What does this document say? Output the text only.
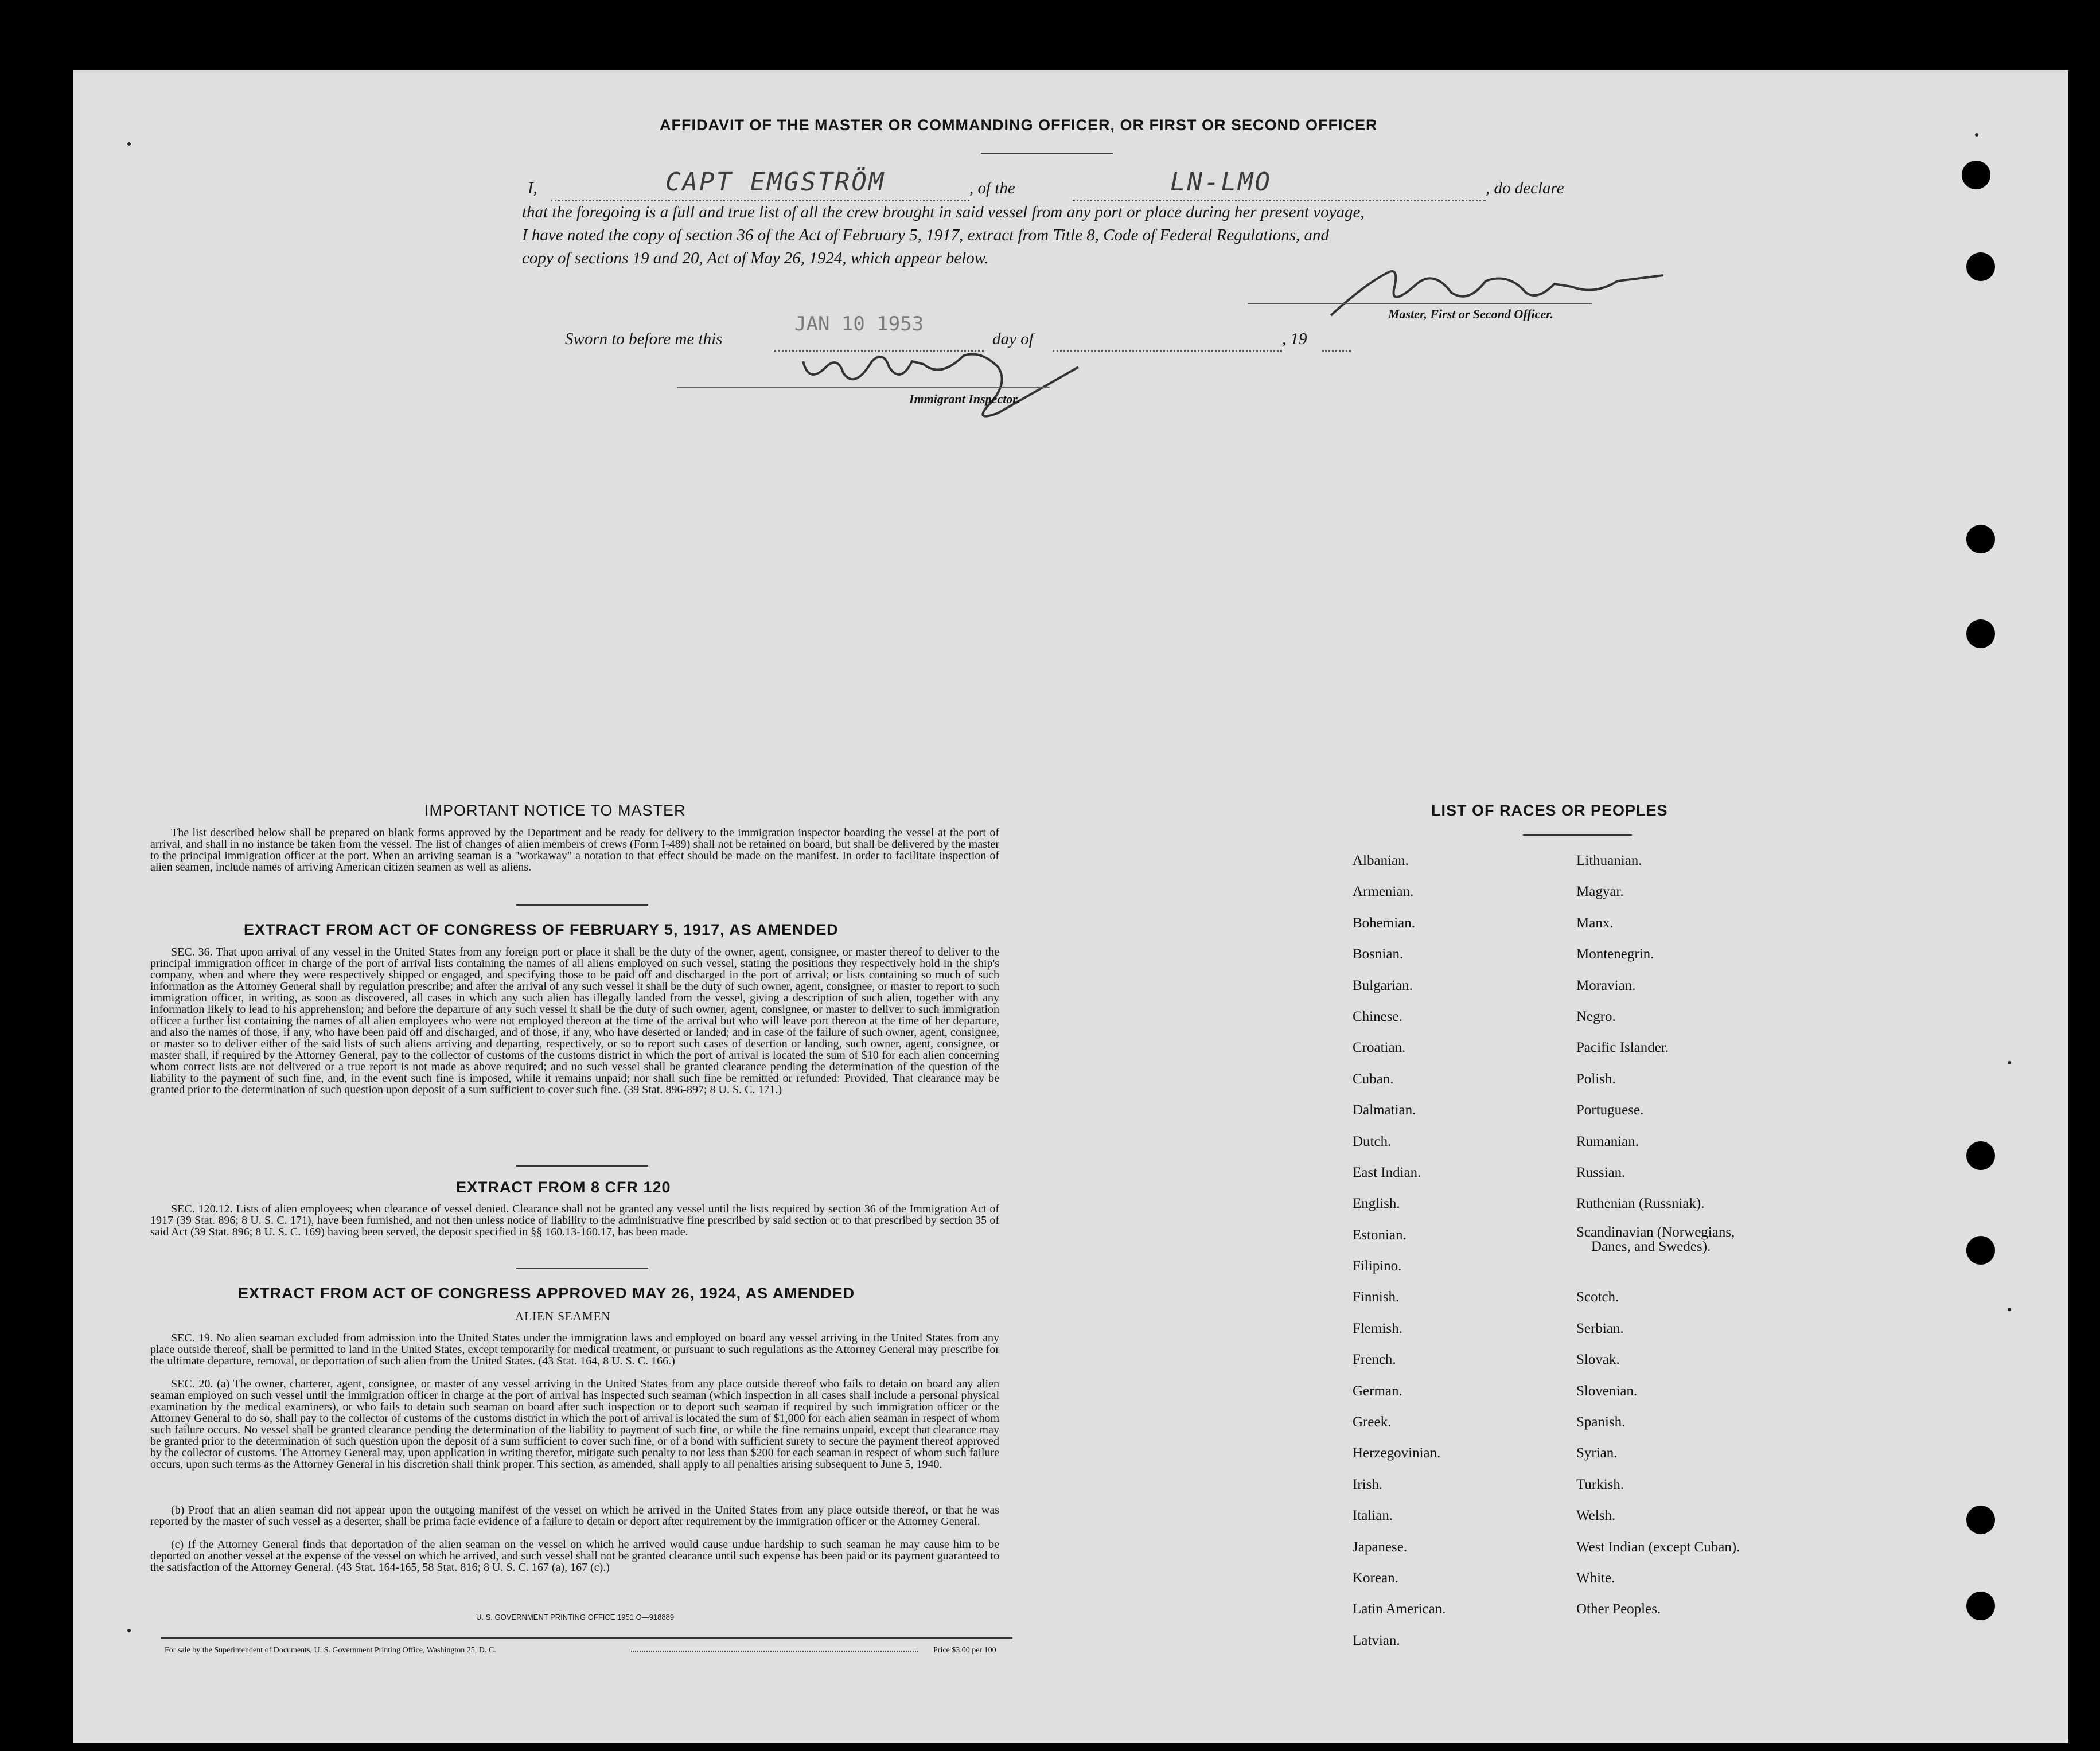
AFFIDAVIT OF THE MASTER OR COMMANDING OFFICER, OR FIRST OR SECOND OFFICER
I,	CAPT EMGSTRÖM	, of the	LN-LMO	, do declare
that the foregoing is a full and true list of all the crew brought in said vessel from any port or place during her present voyage,
I have noted the copy of section 36 of the Act of February 5, 1917, extract from Title 8, Code of Federal Regulations, and
copy of sections 19 and 20, Act of May 26, 1924, which appear below.
Master, First or Second Officer.
Sworn to before me this
JAN 10 1953
day of	, 19
Immigrant Inspector.
IMPORTANT NOTICE TO MASTER
The list described below shall be prepared on blank forms approved by the Department and be ready for delivery to the immigration inspector boarding the vessel at the port of arrival, and shall in no instance be taken from the vessel. The list of changes of alien members of crews (Form I-489) shall not be retained on board, but shall be delivered by the master to the principal immigration officer at the port. When an arriving seaman is a "workaway" a notation to that effect should be made on the manifest. In order to facilitate inspection of alien seamen, include names of arriving American citizen seamen as well as aliens.
EXTRACT FROM ACT OF CONGRESS OF FEBRUARY 5, 1917, AS AMENDED
SEC. 36. That upon arrival of any vessel in the United States from any foreign port or place it shall be the duty of the owner, agent, consignee, or master thereof to deliver to the principal immigration officer in charge of the port of arrival lists containing the names of all aliens employed on such vessel, stating the positions they respectively hold in the ship's company, when and where they were respectively shipped or engaged, and specifying those to be paid off and discharged in the port of arrival; or lists containing so much of such information as the Attorney General shall by regulation prescribe; and after the arrival of any such vessel it shall be the duty of such owner, agent, consignee, or master to report to such immigration officer, in writing, as soon as discovered, all cases in which any such alien has illegally landed from the vessel, giving a description of such alien, together with any information likely to lead to his apprehension; and before the departure of any such vessel it shall be the duty of such owner, agent, consignee, or master to deliver to such immigration officer a further list containing the names of all alien employees who were not employed thereon at the time of the arrival but who will leave port thereon at the time of her departure, and also the names of those, if any, who have been paid off and discharged, and of those, if any, who have deserted or landed; and in case of the failure of such owner, agent, consignee, or master so to deliver either of the said lists of such aliens arriving and departing, respectively, or so to report such cases of desertion or landing, such owner, agent, consignee, or master shall, if required by the Attorney General, pay to the collector of customs of the customs district in which the port of arrival is located the sum of $10 for each alien concerning whom correct lists are not delivered or a true report is not made as above required; and no such vessel shall be granted clearance pending the determination of the question of the liability to the payment of such fine, and, in the event such fine is imposed, while it remains unpaid; nor shall such fine be remitted or refunded: Provided, That clearance may be granted prior to the determination of such question upon deposit of a sum sufficient to cover such fine. (39 Stat. 896-897; 8 U. S. C. 171.)
EXTRACT FROM 8 CFR 120
SEC. 120.12. Lists of alien employees; when clearance of vessel denied. Clearance shall not be granted any vessel until the lists required by section 36 of the Immigration Act of 1917 (39 Stat. 896; 8 U. S. C. 171), have been furnished, and not then unless notice of liability to the administrative fine prescribed by said section or to that prescribed by section 35 of said Act (39 Stat. 896; 8 U. S. C. 169) having been served, the deposit specified in §§ 160.13-160.17, has been made.
EXTRACT FROM ACT OF CONGRESS APPROVED MAY 26, 1924, AS AMENDED
ALIEN SEAMEN
SEC. 19. No alien seaman excluded from admission into the United States under the immigration laws and employed on board any vessel arriving in the United States from any place outside thereof, shall be permitted to land in the United States, except temporarily for medical treatment, or pursuant to such regulations as the Attorney General may prescribe for the ultimate departure, removal, or deportation of such alien from the United States. (43 Stat. 164, 8 U. S. C. 166.)
SEC. 20. (a) The owner, charterer, agent, consignee, or master of any vessel arriving in the United States from any place outside thereof who fails to detain on board any alien seaman employed on such vessel until the immigration officer in charge at the port of arrival has inspected such seaman (which inspection in all cases shall include a personal physical examination by the medical examiners), or who fails to detain such seaman on board after such inspection or to deport such seaman if required by such immigration officer or the Attorney General to do so, shall pay to the collector of customs of the customs district in which the port of arrival is located the sum of $1,000 for each alien seaman in respect of whom such failure occurs. No vessel shall be granted clearance pending the determination of the liability to payment of such fine, or while the fine remains unpaid, except that clearance may be granted prior to the determination of such question upon the deposit of a sum sufficient to cover such fine, or of a bond with sufficient surety to secure the payment thereof approved by the collector of customs. The Attorney General may, upon application in writing therefor, mitigate such penalty to not less than $200 for each seaman in respect of whom such failure occurs, upon such terms as the Attorney General in his discretion shall think proper. This section, as amended, shall apply to all penalties arising subsequent to June 5, 1940.
(b) Proof that an alien seaman did not appear upon the outgoing manifest of the vessel on which he arrived in the United States from any place outside thereof, or that he was reported by the master of such vessel as a deserter, shall be prima facie evidence of a failure to detain or deport after requirement by the immigration officer or the Attorney General.
(c) If the Attorney General finds that deportation of the alien seaman on the vessel on which he arrived would cause undue hardship to such seaman he may cause him to be deported on another vessel at the expense of the vessel on which he arrived, and such vessel shall not be granted clearance until such expense has been paid or its payment guaranteed to the satisfaction of the Attorney General. (43 Stat. 164-165, 58 Stat. 816; 8 U. S. C. 167 (a), 167 (c).)
U. S. GOVERNMENT PRINTING OFFICE 1951 O—918889
For sale by the Superintendent of Documents, U. S. Government Printing Office, Washington 25, D. C.	Price $3.00 per 100
LIST OF RACES OR PEOPLES
Albanian.
Armenian.
Bohemian.
Bosnian.
Bulgarian.
Chinese.
Croatian.
Cuban.
Dalmatian.
Dutch.
East Indian.
English.
Estonian.
Filipino.
Finnish.
Flemish.
French.
German.
Greek.
Herzegovinian.
Irish.
Italian.
Japanese.
Korean.
Latin American.
Latvian.
Lithuanian.
Magyar.
Manx.
Montenegrin.
Moravian.
Negro.
Pacific Islander.
Polish.
Portuguese.
Rumanian.
Russian.
Ruthenian (Russniak).
Scandinavian (Norwegians,
Danes, and Swedes).
Scotch.
Serbian.
Slovak.
Slovenian.
Spanish.
Syrian.
Turkish.
Welsh.
West Indian (except Cuban).
White.
Other Peoples.
